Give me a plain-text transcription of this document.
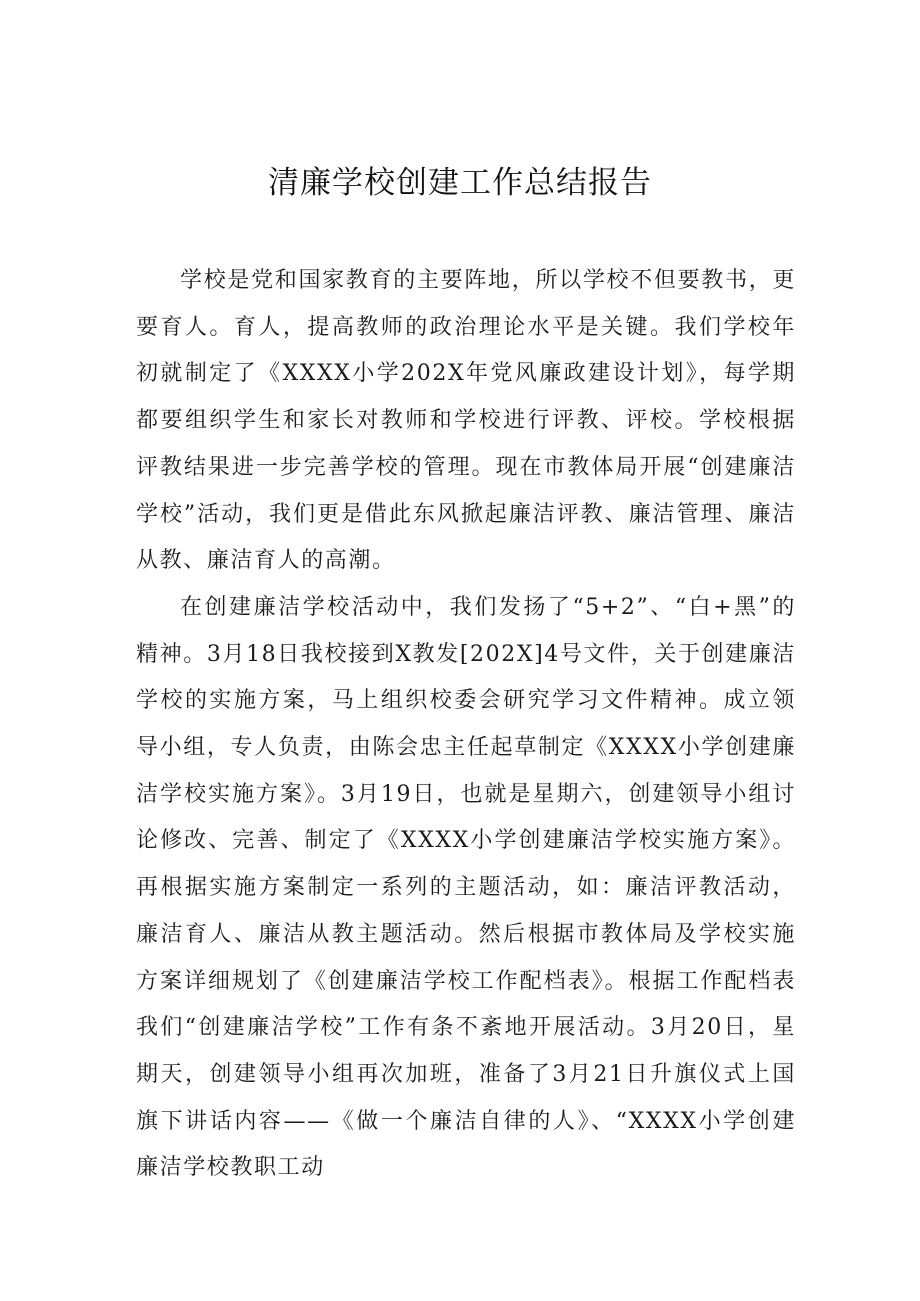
清廉学校创建工作总结报告

学校是党和国家教育的主要阵地，所以学校不但要教书，更要育人。育人，提高教师的政治理论水平是关键。我们学校年初就制定了《XXXX小学202X年党风廉政建设计划》，每学期都要组织学生和家长对教师和学校进行评教、评校。学校根据评教结果进一步完善学校的管理。现在市教体局开展“创建廉洁学校”活动，我们更是借此东风掀起廉洁评教、廉洁管理、廉洁从教、廉洁育人的高潮。

在创建廉洁学校活动中，我们发扬了“5+2”、“白+黑”的精神。3月18日我校接到X教发[202X]4号文件，关于创建廉洁学校的实施方案，马上组织校委会研究学习文件精神。成立领导小组，专人负责，由陈会忠主任起草制定《XXXX小学创建廉洁学校实施方案》。3月19日，也就是星期六，创建领导小组讨论修改、完善、制定了《XXXX小学创建廉洁学校实施方案》。再根据实施方案制定一系列的主题活动，如：廉洁评教活动，廉洁育人、廉洁从教主题活动。然后根据市教体局及学校实施方案详细规划了《创建廉洁学校工作配档表》。根据工作配档表我们“创建廉洁学校”工作有条不紊地开展活动。3月20日，星期天，创建领导小组再次加班，准备了3月21日升旗仪式上国旗下讲话内容——《做一个廉洁自律的人》、“XXXX小学创建廉洁学校教职工动
